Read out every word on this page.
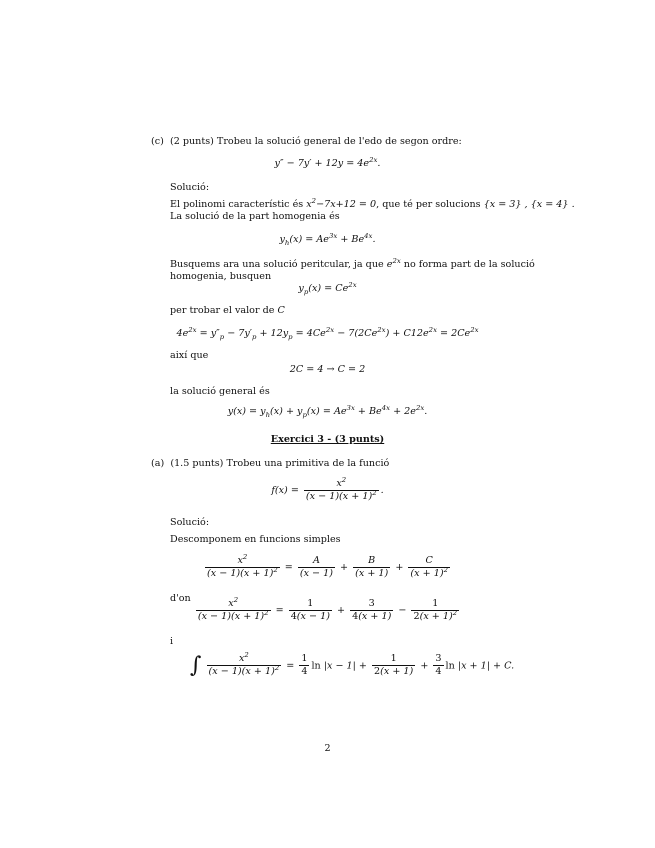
(c) (2 punts) Trobeu la solució general de l'edo de segon ordre:
$y'' - 7y' + 12y = 4e^{2x}$.
Solució:
El polinomi característic és $x^2-7x+12 = 0$, que té per solucions {x = 3} , {x = 4} .
La solució de la part homogenia és
$y_h(x) = Ae^{3x} + Be^{4x}$.
Busquems ara una solució peritcular, ja que $e^{2x}$ no forma part de la solució
homogenia, busquen
$y_p(x) = Ce^{2x}$
per trobar el valor de C
$4e^{2x} = y''_p - 7y'_p + 12y_p = 4Ce^{2x} - 7(2Ce^{2x}) + C12e^{2x} = 2Ce^{2x}$
així que
2C = 4 → C = 2
la solució general és
$y(x) = y_h(x) + y_p(x) = Ae^{3x} + Be^{4x} + 2e^{2x}$.
Exercici 3 - (3 punts)
(a) (1.5 punts) Trobeu una primitiva de la funció
$f(x) = \frac{x^2}{(x - 1)(x + 1)^2}$ .
Solució:
Descomponem en funcions simples
$\frac{x^2}{(x - 1)(x + 1)^2} = \frac{A}{(x - 1)} + \frac{B}{(x + 1)} + \frac{C}{(x + 1)^2}$
$d'on \frac{x^2}{(x - 1)(x + 1)^2} = \frac{1}{4(x - 1)} + \frac{3}{4(x + 1)} - \frac{1}{2(x + 1)^2}$
i
∫ $\frac{x^2}{(x - 1)(x + 1)^2} = \frac{1}{4}$ $\ln |x - 1| + \frac{1}{2(x + 1)} + \frac{3}{4}$ ln |x + 1| + C.
2
